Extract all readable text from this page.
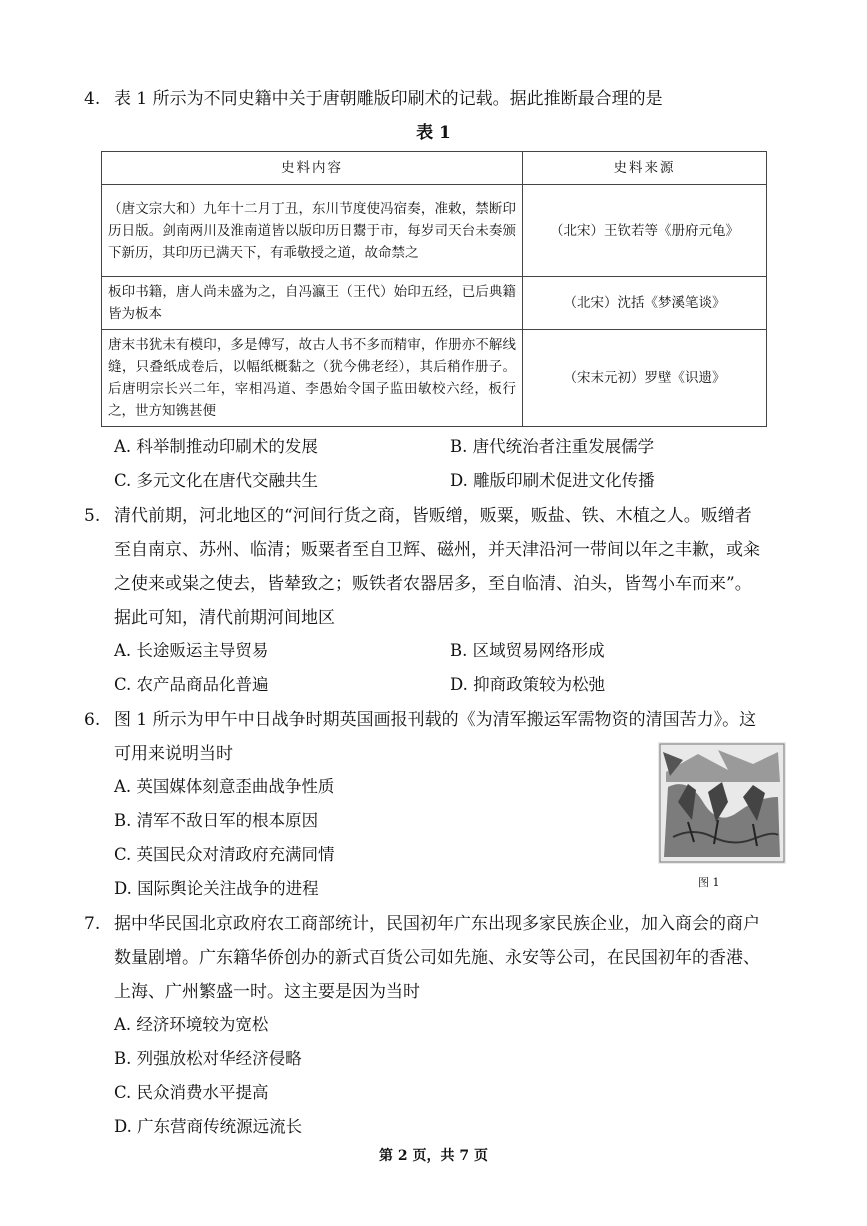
4. 表 1 所示为不同史籍中关于唐朝雕版印刷术的记载。据此推断最合理的是
表 1
史料内容	史料来源
（唐文宗大和）九年十二月丁丑，东川节度使冯宿奏，准敕，禁断印历日版。剑南两川及淮南道皆以版印历日鬻于市，每岁司天台未奏颁下新历，其印历已满天下，有乖敬授之道，故命禁之	（北宋）王钦若等《册府元龟》
板印书籍，唐人尚未盛为之，自冯瀛王（王代）始印五经，已后典籍皆为板本	（北宋）沈括《梦溪笔谈》
唐末书犹未有模印，多是傅写，故古人书不多而精审，作册亦不解线缝，只叠纸成卷后，以幅纸概黏之（犹今佛老经），其后稍作册子。后唐明宗长兴二年，宰相冯道、李愚始令国子监田敏校六经，板行之，世方知镌甚便	（宋末元初）罗壁《识遗》
A. 科举制推动印刷术的发展	B. 唐代统治者注重发展儒学
C. 多元文化在唐代交融共生	D. 雕版印刷术促进文化传播
5. 清代前期，河北地区的“河间行货之商，皆贩缯，贩粟，贩盐、铁、木植之人。贩缯者
至自南京、苏州、临清；贩粟者至自卫辉、磁州，并天津沿河一带间以年之丰歉，或籴
之使来或粜之使去，皆辇致之；贩铁者农器居多，至自临清、泊头，皆驾小车而来”。
据此可知，清代前期河间地区
A. 长途贩运主导贸易	B. 区域贸易网络形成
C. 农产品商品化普遍	D. 抑商政策较为松弛
6. 图 1 所示为甲午中日战争时期英国画报刊载的《为清军搬运军需物资的清国苦力》。这
可用来说明当时
A. 英国媒体刻意歪曲战争性质
B. 清军不敌日军的根本原因
C. 英国民众对清政府充满同情
D. 国际舆论关注战争的进程	图 1
7. 据中华民国北京政府农工商部统计，民国初年广东出现多家民族企业，加入商会的商户
数量剧增。广东籍华侨创办的新式百货公司如先施、永安等公司，在民国初年的香港、
上海、广州繁盛一时。这主要是因为当时
A. 经济环境较为宽松
B. 列强放松对华经济侵略
C. 民众消费水平提高
D. 广东营商传统源远流长
第 2 页，共 7 页
